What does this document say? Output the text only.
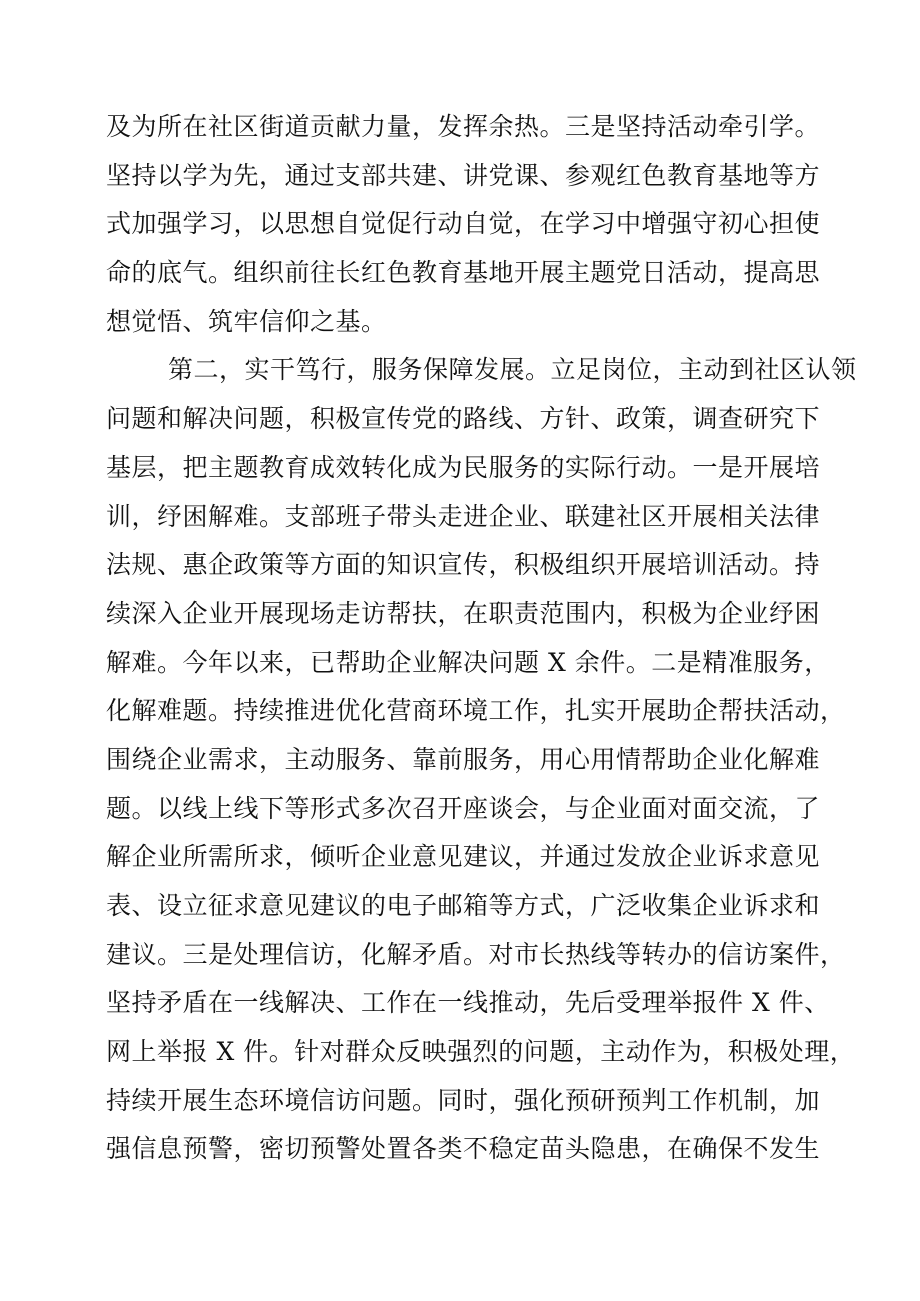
及为所在社区街道贡献力量，发挥余热。三是坚持活动牵引学。
坚持以学为先，通过支部共建、讲党课、参观红色教育基地等方
式加强学习，以思想自觉促行动自觉，在学习中增强守初心担使
命的底气。组织前往长红色教育基地开展主题党日活动，提高思
想觉悟、筑牢信仰之基。
第二，实干笃行，服务保障发展。立足岗位，主动到社区认领
问题和解决问题，积极宣传党的路线、方针、政策，调查研究下
基层，把主题教育成效转化成为民服务的实际行动。一是开展培
训，纾困解难。支部班子带头走进企业、联建社区开展相关法律
法规、惠企政策等方面的知识宣传，积极组织开展培训活动。持
续深入企业开展现场走访帮扶，在职责范围内，积极为企业纾困
解难。今年以来，已帮助企业解决问题 X 余件。二是精准服务，
化解难题。持续推进优化营商环境工作，扎实开展助企帮扶活动，
围绕企业需求，主动服务、靠前服务，用心用情帮助企业化解难
题。以线上线下等形式多次召开座谈会，与企业面对面交流，了
解企业所需所求，倾听企业意见建议，并通过发放企业诉求意见
表、设立征求意见建议的电子邮箱等方式，广泛收集企业诉求和
建议。三是处理信访，化解矛盾。对市长热线等转办的信访案件，
坚持矛盾在一线解决、工作在一线推动，先后受理举报件 X 件、
网上举报 X 件。针对群众反映强烈的问题，主动作为，积极处理，
持续开展生态环境信访问题。同时，强化预研预判工作机制，加
强信息预警，密切预警处置各类不稳定苗头隐患，在确保不发生
